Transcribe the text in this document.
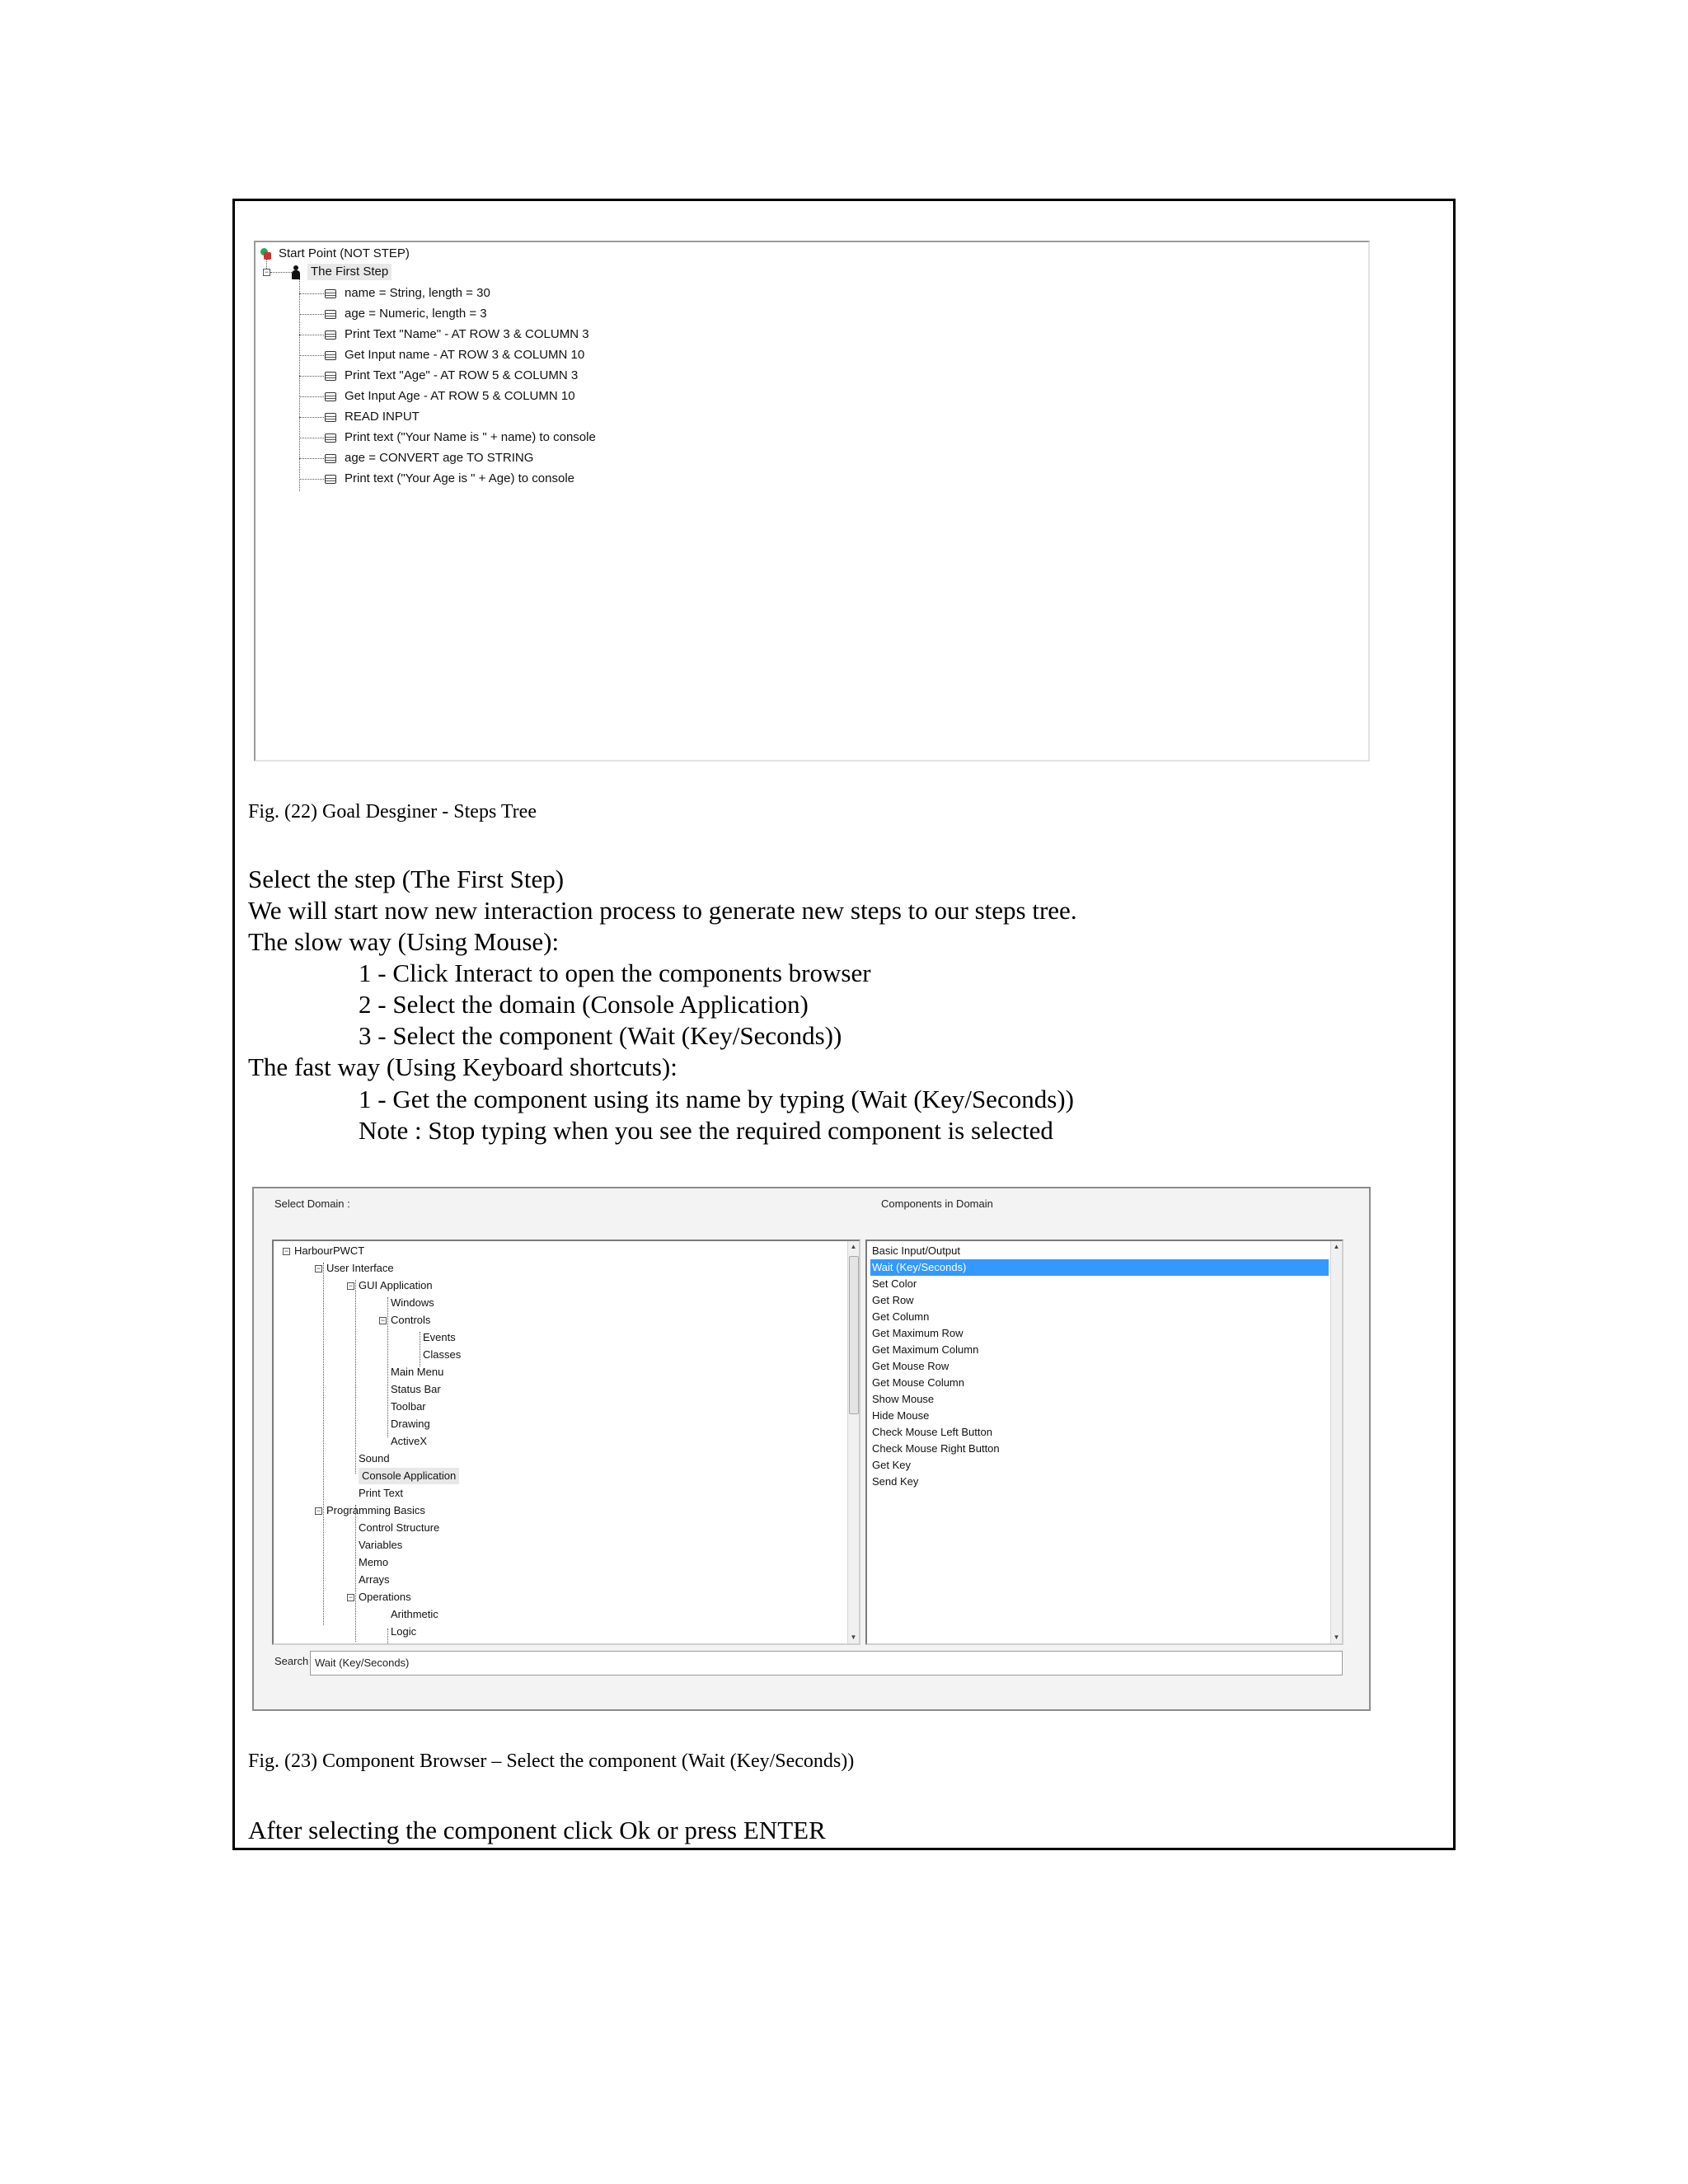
−
Start Point (NOT STEP)
The First Step
name = String, length = 30
age = Numeric, length = 3
Print Text "Name" - AT ROW 3 & COLUMN 3
Get Input name - AT ROW 3 & COLUMN 10
Print Text "Age" - AT ROW 5 & COLUMN 3
Get Input Age - AT ROW 5 & COLUMN 10
READ INPUT
Print text ("Your Name is " + name) to console
age = CONVERT age TO STRING
Print text ("Your Age is " + Age) to console
Fig. (22) Goal Desginer - Steps Tree
Select the step (The First Step)
We will start now new interaction process to generate new steps to our steps tree.
The slow way (Using Mouse):
1 - Click Interact to open the components browser
2 - Select the domain (Console Application)
3 - Select the component (Wait (Key/Seconds))
The fast way (Using Keyboard shortcuts):
1 - Get the component using its name by typing (Wait (Key/Seconds))
Note : Stop typing when you see the required component is selected
Select Domain :	Components in Domain
−
−
−
−
−
−
HarbourPWCT
User Interface
GUI Application
Windows
Controls
Events
Classes
Main Menu
Status Bar
Toolbar
Drawing
ActiveX
Sound
Console Application
Print Text
Programming Basics
Control Structure
Variables
Memo
Arrays
Operations
Arithmetic
Logic
▲
▼
Basic Input/Output
Wait (Key/Seconds)
Set Color
Get Row
Get Column
Get Maximum Row
Get Maximum Column
Get Mouse Row
Get Mouse Column
Show Mouse
Hide Mouse
Check Mouse Left Button
Check Mouse Right Button
Get Key
Send Key
▲
▼
Search Wait (Key/Seconds)
Fig. (23) Component Browser – Select the component (Wait (Key/Seconds))
After selecting the component click Ok or press ENTER
